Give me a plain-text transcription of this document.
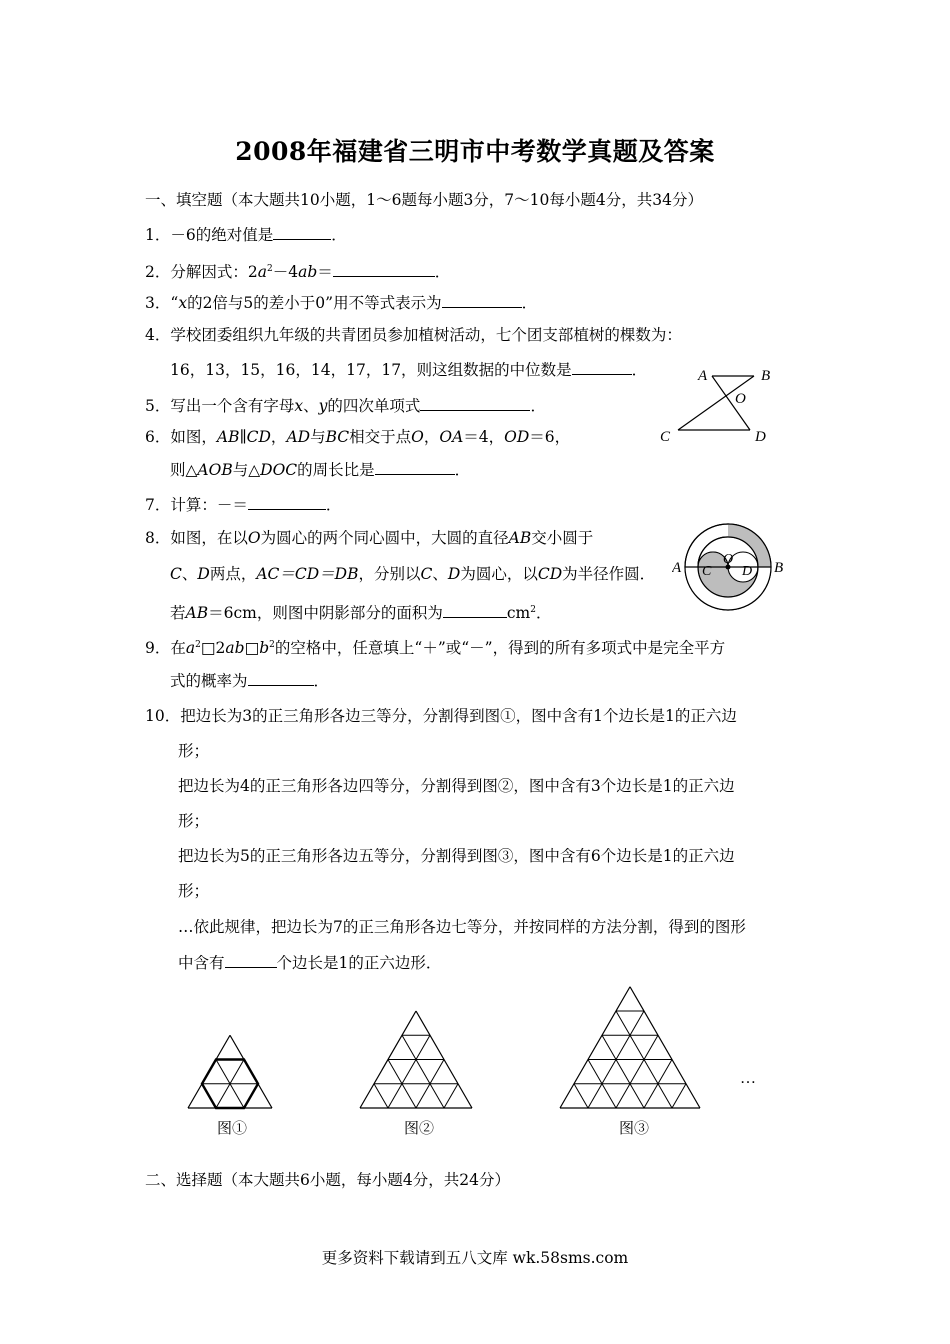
2008年福建省三明市中考数学真题及答案
一、填空题（本大题共10小题，1～6题每小题3分，7～10每小题4分，共34分）
1．－6的绝对值是	．
2．分解因式：$2a^2-4ab=$	．
3．“x的2倍与5的差小于0”用不等式表示为	．
4．学校团委组织九年级的共青团员参加植树活动，七个团支部植树的棵数为：
16，13，15，16，14，17，17，则这组数据的中位数是	．
5．写出一个含有字母x、y的四次单项式	．
6．如图，AB∥CD，AD与BC相交于点O，OA＝4，OD＝6，
则△AOB与△DOC的周长比是	．
A	B
O
C	D
7．计算：－＝	．
8．如图，在以O为圆心的两个同心圆中，大圆的直径AB交小圆于
C、D两点，AC＝CD＝DB，分别以C、D为圆心，以CD为半径作圆．
若AB＝6cm，则图中阴影部分的面积为	$cm^2$．
O
A C D B
9．在$a^2□2ab□b^2$的空格中，任意填上“＋”或“－”，得到的所有多项式中是完全平方
式的概率为	．
10．把边长为3的正三角形各边三等分，分割得到图①，图中含有1个边长是1的正六边
形；
把边长为4的正三角形各边四等分，分割得到图②，图中含有3个边长是1的正六边
形；
把边长为5的正三角形各边五等分，分割得到图③，图中含有6个边长是1的正六边
形；
…依此规律，把边长为7的正三角形各边七等分，并按同样的方法分割，得到的图形
中含有	个边长是1的正六边形．
…
图①	图②	图③
二、选择题（本大题共6小题，每小题4分，共24分）
更多资料下载请到五八文库 wk.58sms.com
